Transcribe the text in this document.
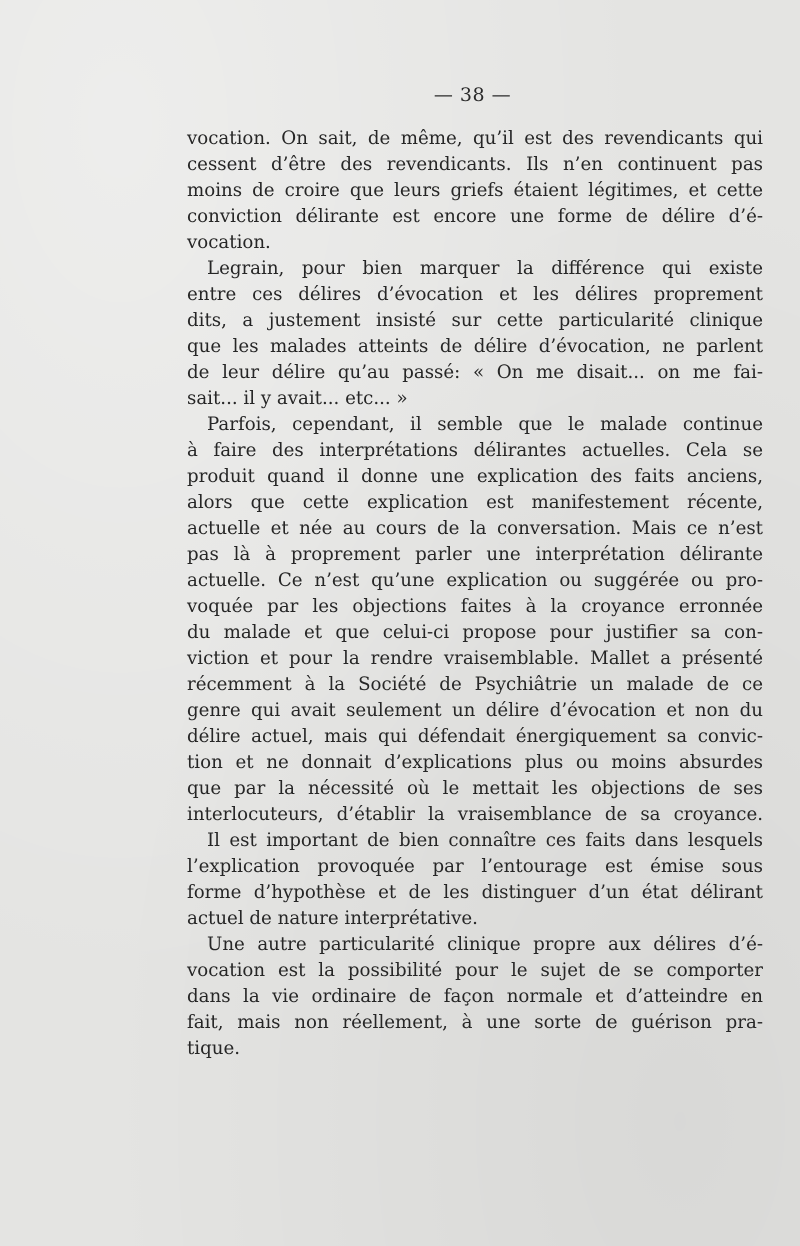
— 38 —
vocation. On sait, de même, qu’il est des revendicants qui
cessent d’être des revendicants. Ils n’en continuent pas
moins de croire que leurs griefs étaient légitimes, et cette
conviction délirante est encore une forme de délire d’é-
vocation.
Legrain, pour bien marquer la différence qui existe
entre ces délires d’évocation et les délires proprement
dits, a justement insisté sur cette particularité clinique
que les malades atteints de délire d’évocation, ne parlent
de leur délire qu’au passé: « On me disait... on me fai-
sait... il y avait... etc... »
Parfois, cependant, il semble que le malade continue
à faire des interprétations délirantes actuelles. Cela se
produit quand il donne une explication des faits anciens,
alors que cette explication est manifestement récente,
actuelle et née au cours de la conversation. Mais ce n’est
pas là à proprement parler une interprétation délirante
actuelle. Ce n’est qu’une explication ou suggérée ou pro-
voquée par les objections faites à la croyance erronnée
du malade et que celui-ci propose pour justifier sa con-
viction et pour la rendre vraisemblable. Mallet a présenté
récemment à la Société de Psychiâtrie un malade de ce
genre qui avait seulement un délire d’évocation et non du
délire actuel, mais qui défendait énergiquement sa convic-
tion et ne donnait d’explications plus ou moins absurdes
que par la nécessité où le mettait les objections de ses
interlocuteurs, d’établir la vraisemblance de sa croyance.
Il est important de bien connaître ces faits dans lesquels
l’explication provoquée par l’entourage est émise sous
forme d’hypothèse et de les distinguer d’un état délirant
actuel de nature interprétative.
Une autre particularité clinique propre aux délires d’é-
vocation est la possibilité pour le sujet de se comporter
dans la vie ordinaire de façon normale et d’atteindre en
fait, mais non réellement, à une sorte de guérison pra-
tique.
